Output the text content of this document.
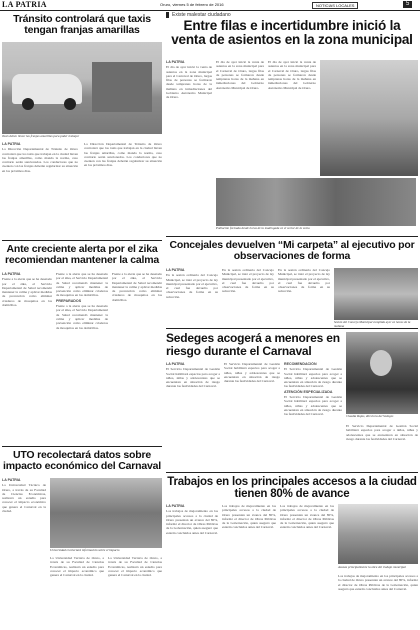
LA PATRIA	Oruro, viernes 5 de febrero de 2016	NOTICIAS LOCALES	5
Tránsito controlará que taxis tengan franjas amarillas
Taxis deben llevar las franjas amarillas para poder trabajar
LA PATRIA

La Dirección Departamental de Tránsito de Oruro controlará que los taxis que trabajan en la ciudad lleven las franjas amarillas, como manda la norma, caso contrario serán sancionados. Los conductores que no cuenten con las franjas deberán regularizar su situación en los próximos días.

La Dirección Departamental de Tránsito de Oruro controlará que los taxis que trabajan en la ciudad lleven las franjas amarillas, como manda la norma, caso contrario serán sancionados. Los conductores que no cuenten con las franjas deberán regularizar su situación en los próximos días.

Existe malestar ciudadano
Entre filas e incertidumbre inició la venta de asientos en la zona municipal
LA PATRIA

El día de ayer inició la venta de asientos en la zona municipal para el Carnaval de Oruro, largas filas de personas se formaron desde tempranas horas de la mañana en inmediaciones del Gobierno Autónomo Municipal de Oruro.

El día de ayer inició la venta de asientos en la zona municipal para el Carnaval de Oruro, largas filas de personas se formaron desde tempranas horas de la mañana en inmediaciones del Gobierno Autónomo Municipal de Oruro.

El día de ayer inició la venta de asientos en la zona municipal para el Carnaval de Oruro, largas filas de personas se formaron desde tempranas horas de la mañana en inmediaciones del Gobierno Autónomo Municipal de Oruro.

Población formada desde horas de la madrugada en el sector de la venta
Concejales devuelven “Mi carpeta” al ejecutivo por observaciones de forma
LA PATRIA

En la sesión ordinaria del Concejo Municipal, se trató el proyecto de ley municipal presentado por el ejecutivo, el cual fue devuelto por observaciones de forma en su redacción.

En la sesión ordinaria del Concejo Municipal, se trató el proyecto de ley municipal presentado por el ejecutivo, el cual fue devuelto por observaciones de forma en su redacción.

En la sesión ordinaria del Concejo Municipal, se trató el proyecto de ley municipal presentado por el ejecutivo, el cual fue devuelto por observaciones de forma en su redacción.

Sesión del Concejo Municipal cumplida ayer en horas de la mañana
Ante creciente alerta por el zika recomiendan mantener la calma
LA PATRIA

Frente a la alerta que se ha desatado por el zika, el Servicio Departamental de Salud recomendó mantener la calma y aplicar medidas de prevención como eliminar criaderos de mosquitos en los domicilios.

Frente a la alerta que se ha desatado por el zika, el Servicio Departamental de Salud recomendó mantener la calma y aplicar medidas de prevención como eliminar criaderos de mosquitos en los domicilios.

PREPARADOS

Frente a la alerta que se ha desatado por el zika, el Servicio Departamental de Salud recomendó mantener la calma y aplicar medidas de prevención como eliminar criaderos de mosquitos en los domicilios.

Frente a la alerta que se ha desatado por el zika, el Servicio Departamental de Salud recomendó mantener la calma y aplicar medidas de prevención como eliminar criaderos de mosquitos en los domicilios.

UTO recolectará datos sobre impacto económico del Carnaval
LA PATRIA

La Universidad Técnica de Oruro, a través de su Facultad de Ciencias Económicas, realizará un estudio para conocer el impacto económico que genera el Carnaval en la ciudad.

Universidad recolectará información sobre el impacto

La Universidad Técnica de Oruro, a través de su Facultad de Ciencias Económicas, realizará un estudio para conocer el impacto económico que genera el Carnaval en la ciudad.

La Universidad Técnica de Oruro, a través de su Facultad de Ciencias Económicas, realizará un estudio para conocer el impacto económico que genera el Carnaval en la ciudad.

Sedeges acogerá a menores en riesgo durante el Carnaval
LA PATRIA

El Servicio Departamental de Gestión Social habilitará espacios para acoger a niños, niñas y adolescentes que se encuentren en situación de riesgo durante las festividades del Carnaval.

El Servicio Departamental de Gestión Social habilitará espacios para acoger a niños, niñas y adolescentes que se encuentren en situación de riesgo durante las festividades del Carnaval.

RECOMENDACIÓN

El Servicio Departamental de Gestión Social habilitará espacios para acoger a niños, niñas y adolescentes que se encuentren en situación de riesgo durante las festividades del Carnaval.

ATENCIÓN ESPECIALIZADA

El Servicio Departamental de Gestión Social habilitará espacios para acoger a niños, niñas y adolescentes que se encuentren en situación de riesgo durante las festividades del Carnaval.	Claudia Rojas, directora del Sedeges

El Servicio Departamental de Gestión Social habilitará espacios para acoger a niños, niñas y adolescentes que se encuentren en situación de riesgo durante las festividades del Carnaval.

Trabajos en los principales accesos a la ciudad tienen 80% de avance
LA PATRIA

Los trabajos de mejoramiento en los principales accesos a la ciudad de Oruro presentan un avance del 80%, informó el director de Obras Públicas de la Gobernación, quien aseguró que estarán concluidos antes del Carnaval.

Los trabajos de mejoramiento en los principales accesos a la ciudad de Oruro presentan un avance del 80%, informó el director de Obras Públicas de la Gobernación, quien aseguró que estarán concluidos antes del Carnaval.

Los trabajos de mejoramiento en los principales accesos a la ciudad de Oruro presentan un avance del 80%, informó el director de Obras Públicas de la Gobernación, quien aseguró que estarán concluidos antes del Carnaval.

Avanza principalmente la obra del trabajo municipal

Los trabajos de mejoramiento en los principales accesos a la ciudad de Oruro presentan un avance del 80%, informó el director de Obras Públicas de la Gobernación, quien aseguró que estarán concluidos antes del Carnaval.
